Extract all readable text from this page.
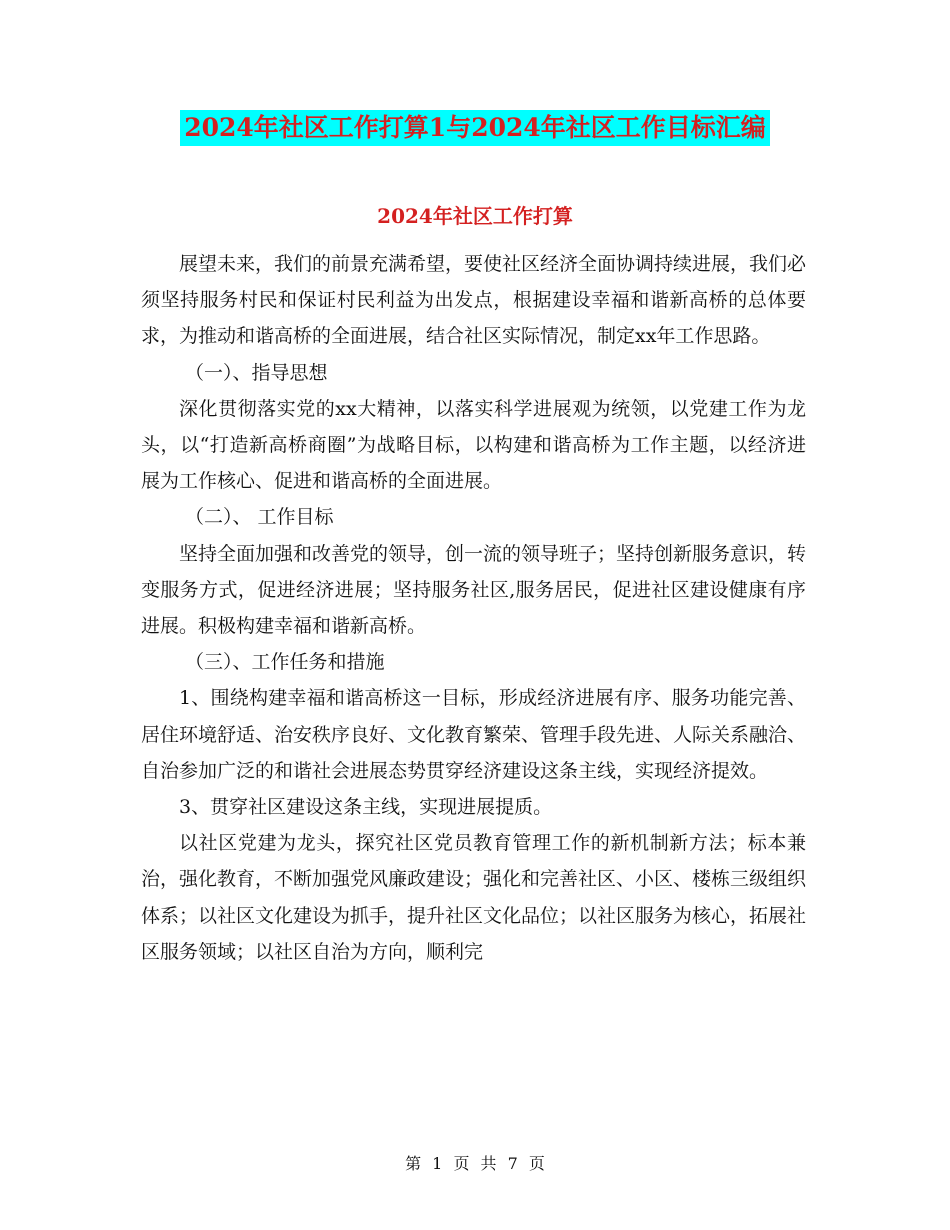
2024年社区工作打算1与2024年社区工作目标汇编
2024年社区工作打算

展望未来，我们的前景充满希望，要使社区经济全面协调持续进展，我们必须坚持服务村民和保证村民利益为出发点，根据建设幸福和谐新高桥的总体要求，为推动和谐高桥的全面进展，结合社区实际情况，制定xx年工作思路。

（一）、指导思想

深化贯彻落实党的xx大精神，以落实科学进展观为统领，以党建工作为龙头，以“打造新高桥商圈”为战略目标，以构建和谐高桥为工作主题，以经济进展为工作核心、促进和谐高桥的全面进展。

（二）、 工作目标

坚持全面加强和改善党的领导，创一流的领导班子；坚持创新服务意识，转变服务方式，促进经济进展；坚持服务社区,服务居民，促进社区建设健康有序进展。积极构建幸福和谐新高桥。

（三）、工作任务和措施

1、围绕构建幸福和谐高桥这一目标，形成经济进展有序、服务功能完善、居住环境舒适、治安秩序良好、文化教育繁荣、管理手段先进、人际关系融洽、自治参加广泛的和谐社会进展态势贯穿经济建设这条主线，实现经济提效。

3、贯穿社区建设这条主线，实现进展提质。

以社区党建为龙头，探究社区党员教育管理工作的新机制新方法；标本兼治，强化教育，不断加强党风廉政建设；强化和完善社区、小区、楼栋三级组织体系；以社区文化建设为抓手，提升社区文化品位；以社区服务为核心，拓展社区服务领域；以社区自治为方向，顺利完

第 1 页 共 7 页
